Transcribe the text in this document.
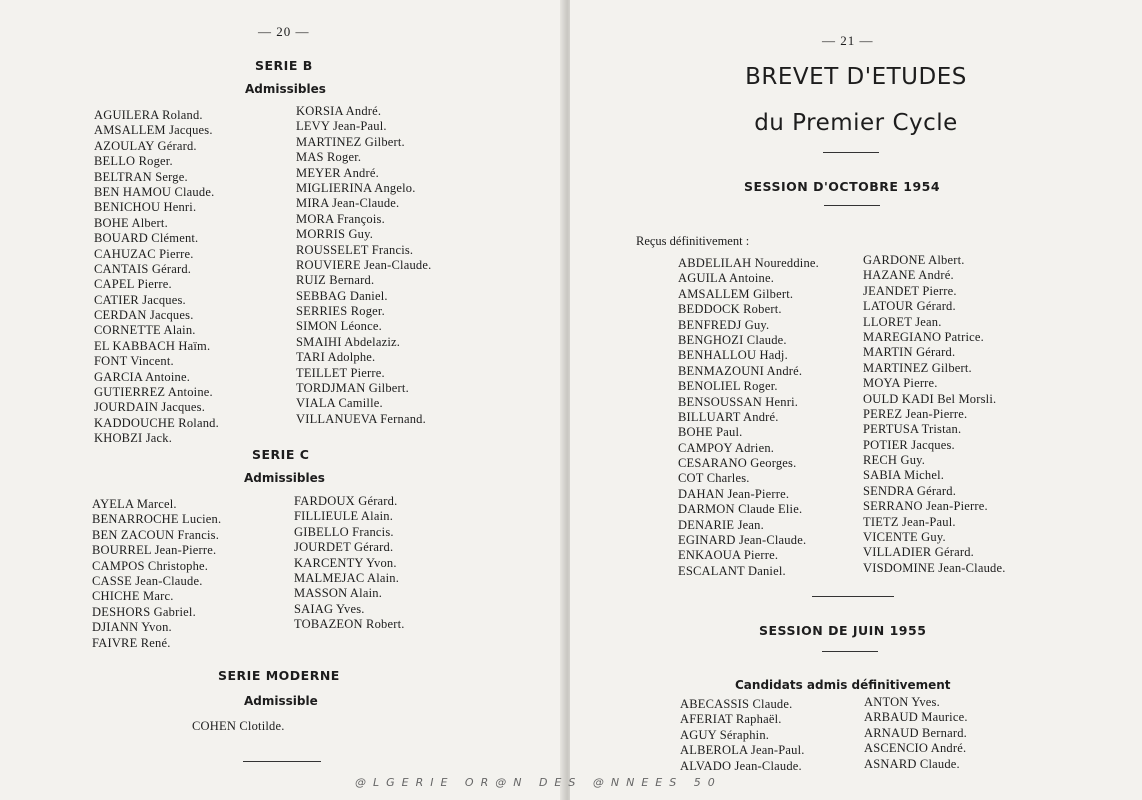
— 20 —
SERIE B
Admissibles
AGUILERA Roland.
AMSALLEM Jacques.
AZOULAY Gérard.
BELLO Roger.
BELTRAN Serge.
BEN HAMOU Claude.
BENICHOU Henri.
BOHE Albert.
BOUARD Clément.
CAHUZAC Pierre.
CANTAIS Gérard.
CAPEL Pierre.
CATIER Jacques.
CERDAN Jacques.
CORNETTE Alain.
EL KABBACH Haïm.
FONT Vincent.
GARCIA Antoine.
GUTIERREZ Antoine.
JOURDAIN Jacques.
KADDOUCHE Roland.
KHOBZI Jack.
KORSIA André.
LEVY Jean-Paul.
MARTINEZ Gilbert.
MAS Roger.
MEYER André.
MIGLIERINA Angelo.
MIRA Jean-Claude.
MORA François.
MORRIS Guy.
ROUSSELET Francis.
ROUVIERE Jean-Claude.
RUIZ Bernard.
SEBBAG Daniel.
SERRIES Roger.
SIMON Léonce.
SMAIHI Abdelaziz.
TARI Adolphe.
TEILLET Pierre.
TORDJMAN Gilbert.
VIALA Camille.
VILLANUEVA Fernand.
SERIE C
Admissibles
AYELA Marcel.
BENARROCHE Lucien.
BEN ZACOUN Francis.
BOURREL Jean-Pierre.
CAMPOS Christophe.
CASSE Jean-Claude.
CHICHE Marc.
DESHORS Gabriel.
DJIANN Yvon.
FAIVRE René.
FARDOUX Gérard.
FILLIEULE Alain.
GIBELLO Francis.
JOURDET Gérard.
KARCENTY Yvon.
MALMEJAC Alain.
MASSON Alain.
SAIAG Yves.
TOBAZEON Robert.
SERIE MODERNE
Admissible
COHEN Clotilde.
— 21 —
BREVET D'ETUDES
du Premier Cycle
SESSION D'OCTOBRE 1954
Reçus définitivement :
ABDELILAH Noureddine.
AGUILA Antoine.
AMSALLEM Gilbert.
BEDDOCK Robert.
BENFREDJ Guy.
BENGHOZI Claude.
BENHALLOU Hadj.
BENMAZOUNI André.
BENOLIEL Roger.
BENSOUSSAN Henri.
BILLUART André.
BOHE Paul.
CAMPOY Adrien.
CESARANO Georges.
COT Charles.
DAHAN Jean-Pierre.
DARMON Claude Elie.
DENARIE Jean.
EGINARD Jean-Claude.
ENKAOUA Pierre.
ESCALANT Daniel.
GARDONE Albert.
HAZANE André.
JEANDET Pierre.
LATOUR Gérard.
LLORET Jean.
MAREGIANO Patrice.
MARTIN Gérard.
MARTINEZ Gilbert.
MOYA Pierre.
OULD KADI Bel Morsli.
PEREZ Jean-Pierre.
PERTUSA Tristan.
POTIER Jacques.
RECH Guy.
SABIA Michel.
SENDRA Gérard.
SERRANO Jean-Pierre.
TIETZ Jean-Paul.
VICENTE Guy.
VILLADIER Gérard.
VISDOMINE Jean-Claude.
SESSION DE JUIN 1955
Candidats admis définitivement
ABECASSIS Claude.
AFERIAT Raphaël.
AGUY Séraphin.
ALBEROLA Jean-Paul.
ALVADO Jean-Claude.
ANTON Yves.
ARBAUD Maurice.
ARNAUD Bernard.
ASCENCIO André.
ASNARD Claude.
@LGERIE OR@N DES @NNEES 50
